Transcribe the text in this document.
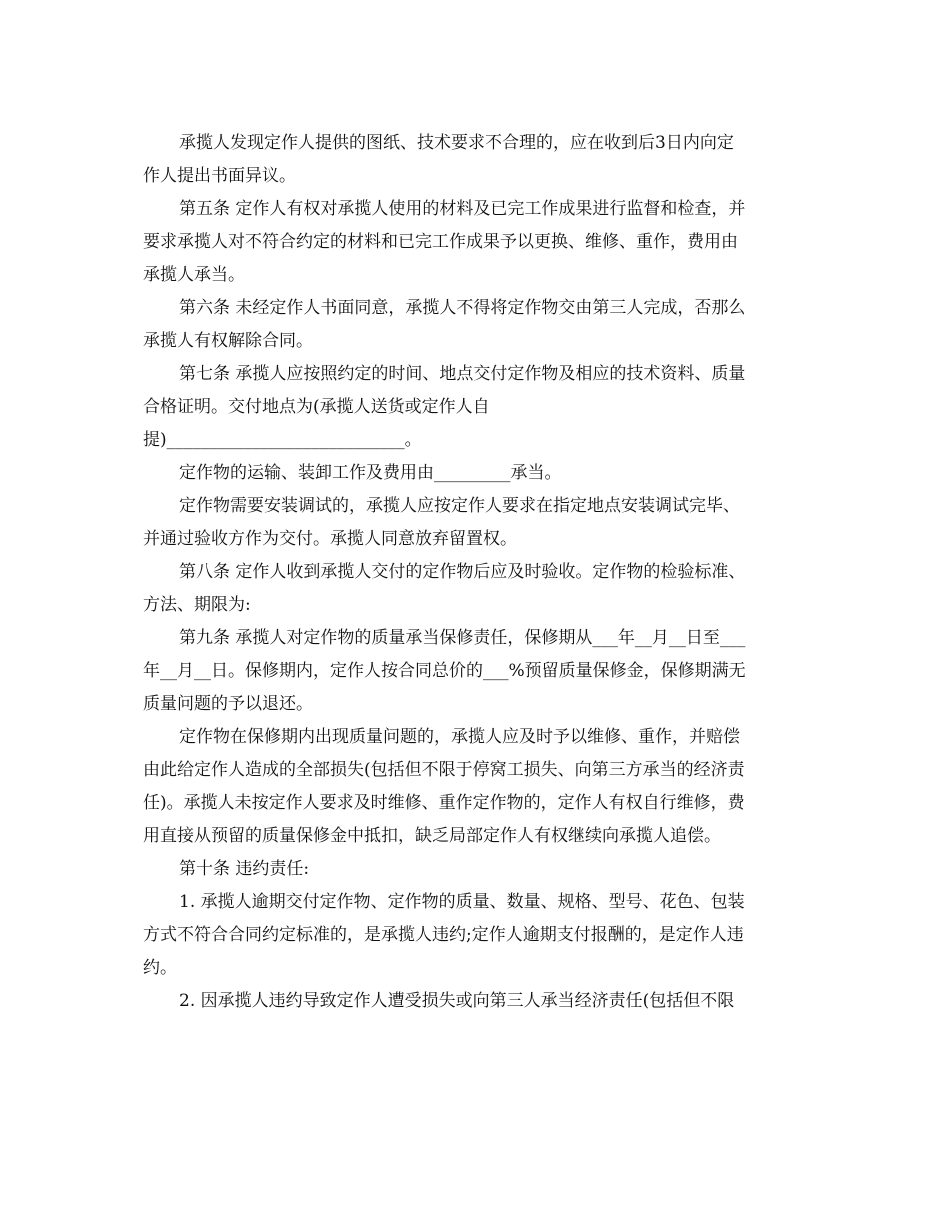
承揽人发现定作人提供的图纸、技术要求不合理的，应在收到后3日内向定
作人提出书面异议。
第五条 定作人有权对承揽人使用的材料及已完工作成果进行监督和检查，并
要求承揽人对不符合约定的材料和已完工作成果予以更换、维修、重作，费用由
承揽人承当。
第六条 未经定作人书面同意，承揽人不得将定作物交由第三人完成，否那么
承揽人有权解除合同。
第七条 承揽人应按照约定的时间、地点交付定作物及相应的技术资料、质量
合格证明。交付地点为(承揽人送货或定作人自
提)____________________________。
定作物的运输、装卸工作及费用由_________承当。
定作物需要安装调试的，承揽人应按定作人要求在指定地点安装调试完毕、
并通过验收方作为交付。承揽人同意放弃留置权。
第八条 定作人收到承揽人交付的定作物后应及时验收。定作物的检验标准、
方法、期限为:
第九条 承揽人对定作物的质量承当保修责任，保修期从___年__月__日至___
年__月__日。保修期内，定作人按合同总价的___%预留质量保修金，保修期满无
质量问题的予以退还。
定作物在保修期内出现质量问题的，承揽人应及时予以维修、重作，并赔偿
由此给定作人造成的全部损失(包括但不限于停窝工损失、向第三方承当的经济责
任)。承揽人未按定作人要求及时维修、重作定作物的，定作人有权自行维修，费
用直接从预留的质量保修金中抵扣，缺乏局部定作人有权继续向承揽人追偿。
第十条 违约责任:
1. 承揽人逾期交付定作物、定作物的质量、数量、规格、型号、花色、包装
方式不符合合同约定标准的，是承揽人违约;定作人逾期支付报酬的，是定作人违
约。
2. 因承揽人违约导致定作人遭受损失或向第三人承当经济责任(包括但不限
